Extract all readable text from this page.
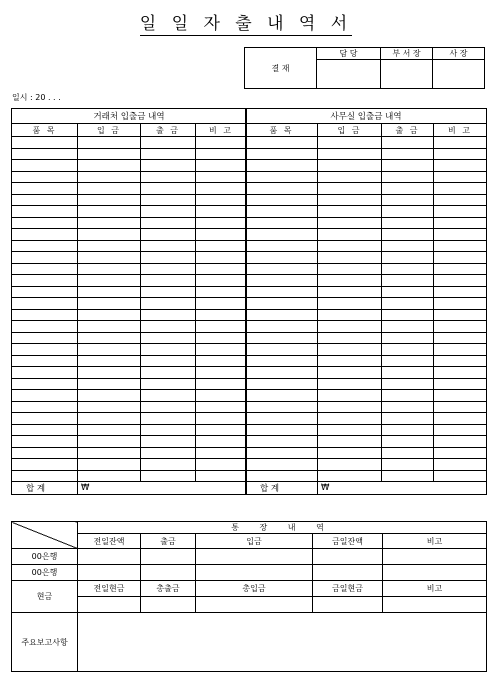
일 일 자 출 내 역 서
결 재	담 당	부 서 장	사 장

일시 : 20 . . .
거래처 입출금 내역			
품 목	입 금	출 금	비 고

합 계	₩		
사무실 입출금 내역			
품 목	입 금	출 금	비 고

합 계	₩		
	통 장 내 역				
	전일잔액	출금	입금	금일잔액	비고
00은행					
00은행					
현금	전일현금	총출금	총입금	금일현금	비고

주요보고사항					
